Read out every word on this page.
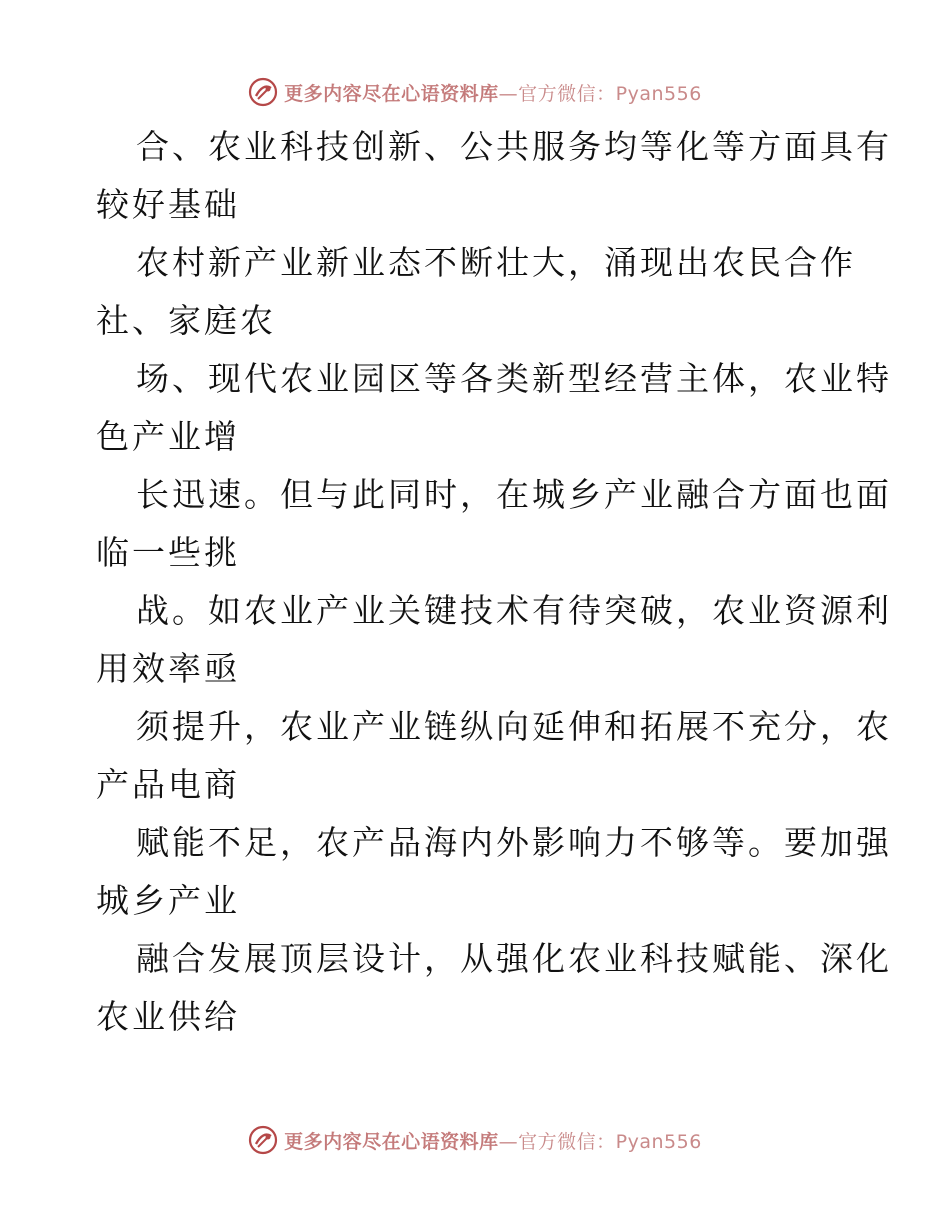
更多内容尽在心语资料库—官方微信：Pyan556
合、农业科技创新、公共服务均等化等方面具有
较好基础
农村新产业新业态不断壮大，涌现出农民合作
社、家庭农
场、现代农业园区等各类新型经营主体，农业特
色产业增
长迅速。但与此同时，在城乡产业融合方面也面
临一些挑
战。如农业产业关键技术有待突破，农业资源利
用效率亟
须提升，农业产业链纵向延伸和拓展不充分，农
产品电商
赋能不足，农产品海内外影响力不够等。要加强
城乡产业
融合发展顶层设计，从强化农业科技赋能、深化
农业供给
更多内容尽在心语资料库—官方微信：Pyan556
